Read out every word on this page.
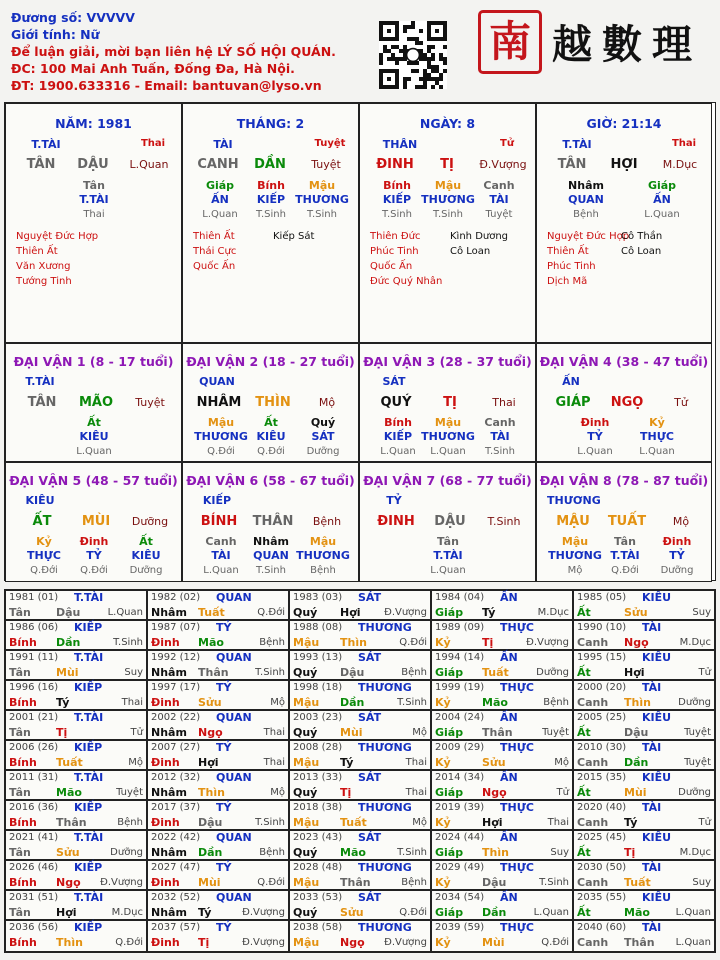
Đương số: VVVVV
Giới tính: Nữ
Để luận giải, mời bạn liên hệ LÝ SỐ HỘI QUÁN.
ĐC: 100 Mai Anh Tuấn, Đống Đa, Hà Nội.
ĐT: 1900.633316 - Email: bantuvan@lyso.vn
南 越 數 理
NĂM: 1981
T.TÀI	Thai
TÂN	DẬU	L.Quan
Tân
T.TÀI
Thai
Nguyệt Đức Hợp
Thiên Ất
Văn Xương
Tướng Tinh
THÁNG: 2
TÀI	Tuyệt
CANH	DẦN	Tuyệt
Giáp
ẤN
L.Quan
Bính
KIẾP
T.Sinh
Mậu
THƯƠNG
T.Sinh
Thiên Ất
Thái Cực
Quốc Ấn
Kiếp Sát
NGÀY: 8
THÂN	Tử
ĐINH	TỊ	Đ.Vượng
Bính
KIẾP
T.Sinh
Mậu
THƯƠNG
T.Sinh
Canh
TÀI
Tuyệt
Thiên Đức
Phúc Tinh
Quốc Ấn
Đức Quý Nhân
Kình Dương
Cô Loan
GIỜ: 21:14
T.TÀI	Thai
TÂN	HỢI	M.Dục
Nhâm
QUAN
Bệnh
Giáp
ẤN
L.Quan
Nguyệt Đức Hợp
Thiên Ất
Phúc Tinh
Dịch Mã
Cô Thần
Cô Loan
ĐẠI VẬN 1 (8 - 17 tuổi)
T.TÀI
TÂN	MÃO	Tuyệt
Ất
KIÊU
L.Quan
ĐẠI VẬN 2 (18 - 27 tuổi)
QUAN
NHÂM	THÌN	Mộ
Mậu
THƯƠNG
Q.Đới
Ất
KIÊU
Q.Đới
Quý
SÁT
Dưỡng
ĐẠI VẬN 3 (28 - 37 tuổi)
SÁT
QUÝ	TỊ	Thai
Bính
KIẾP
L.Quan
Mậu
THƯƠNG
L.Quan
Canh
TÀI
T.Sinh
ĐẠI VẬN 4 (38 - 47 tuổi)
ẤN
GIÁP	NGỌ	Tử
Đinh
TỶ
L.Quan
Kỷ
THỰC
L.Quan
ĐẠI VẬN 5 (48 - 57 tuổi)
KIÊU
ẤT	MÙI	Dưỡng
Kỷ
THỰC
Q.Đới
Đinh
TỶ
Q.Đới
Ất
KIÊU
Dưỡng
ĐẠI VẬN 6 (58 - 67 tuổi)
KIẾP
BÍNH	THÂN	Bệnh
Canh
TÀI
L.Quan
Nhâm
QUAN
T.Sinh
Mậu
THƯƠNG
Bệnh
ĐẠI VẬN 7 (68 - 77 tuổi)
TỶ
ĐINH	DẬU	T.Sinh
Tân
T.TÀI
L.Quan
ĐẠI VẬN 8 (78 - 87 tuổi)
THƯƠNG
MẬU	TUẤT	Mộ
Mậu
THƯƠNG
Mộ
Tân
T.TÀI
Q.Đới
Đinh
TỶ
Dưỡng
1981 (01) T.TÀI
Tân Dậu	L.Quan
1982 (02) QUAN
Nhâm Tuất	Q.Đới
1983 (03) SÁT
Quý Hợi Đ.Vượng
1984 (04) ẤN
Giáp Tý	M.Dục
1985 (05) KIÊU
Ất	Sửu	Suy
1986 (06) KIẾP
Bính Dần	T.Sinh
1987 (07) TỶ
Đinh Mão	Bệnh
1988 (08) THƯƠNG
Mậu Thìn	Q.Đới
1989 (09) THỰC
Kỷ	Tị	Đ.Vượng
1990 (10) TÀI
Canh Ngọ	M.Dục
1991 (11) T.TÀI
Tân Mùi	Suy
1992 (12) QUAN
Nhâm Thân	T.Sinh
1993 (13) SÁT
Quý Dậu	Bệnh
1994 (14) ẤN
Giáp Tuất	Dưỡng
1995 (15) KIÊU
Ất	Hợi	Tử
1996 (16) KIẾP
Bính Tý	Thai
1997 (17) TỶ
Đinh Sửu	Mộ
1998 (18) THƯƠNG
Mậu Dần	T.Sinh
1999 (19) THỰC
Kỷ	Mão	Bệnh
2000 (20) TÀI
Canh Thìn	Dưỡng
2001 (21) T.TÀI
Tân Tị	Tử
2002 (22) QUAN
Nhâm Ngọ	Thai
2003 (23) SÁT
Quý Mùi	Mộ
2004 (24) ẤN
Giáp Thân	Tuyệt
2005 (25) KIÊU
Ất	Dậu	Tuyệt
2006 (26) KIẾP
Bính Tuất	Mộ
2007 (27) TỶ
Đinh Hợi	Thai
2008 (28) THƯƠNG
Mậu Tý	Thai
2009 (29) THỰC
Kỷ	Sửu	Mộ
2010 (30) TÀI
Canh Dần	Tuyệt
2011 (31) T.TÀI
Tân Mão	Tuyệt
2012 (32) QUAN
Nhâm Thìn	Mộ
2013 (33) SÁT
Quý Tị	Thai
2014 (34) ẤN
Giáp Ngọ	Tử
2015 (35) KIÊU
Ất	Mùi	Dưỡng
2016 (36) KIẾP
Bính Thân	Bệnh
2017 (37) TỶ
Đinh Dậu	T.Sinh
2018 (38) THƯƠNG
Mậu Tuất	Mộ
2019 (39) THỰC
Kỷ	Hợi	Thai
2020 (40) TÀI
Canh Tý	Tử
2021 (41) T.TÀI
Tân Sửu	Dưỡng
2022 (42) QUAN
Nhâm Dần	Bệnh
2023 (43) SÁT
Quý Mão	T.Sinh
2024 (44) ẤN
Giáp Thìn	Suy
2025 (45) KIÊU
Ất	Tị	M.Dục
2026 (46) KIẾP
Bính Ngọ Đ.Vượng
2027 (47) TỶ
Đinh Mùi	Q.Đới
2028 (48) THƯƠNG
Mậu Thân	Bệnh
2029 (49) THỰC
Kỷ	Dậu	T.Sinh
2030 (50) TÀI
Canh Tuất	Suy
2031 (51) T.TÀI
Tân Hợi	M.Dục
2032 (52) QUAN
Nhâm Tý	Đ.Vượng
2033 (53) SÁT
Quý Sửu	Q.Đới
2034 (54) ẤN
Giáp Dần	L.Quan
2035 (55) KIÊU
Ất	Mão	L.Quan
2036 (56) KIẾP
Bính Thìn	Q.Đới
2037 (57) TỶ
Đinh Tị	Đ.Vượng
2038 (58) THƯƠNG
Mậu Ngọ Đ.Vượng
2039 (59) THỰC
Kỷ	Mùi	Q.Đới
2040 (60) TÀI
Canh Thân L.Quan
